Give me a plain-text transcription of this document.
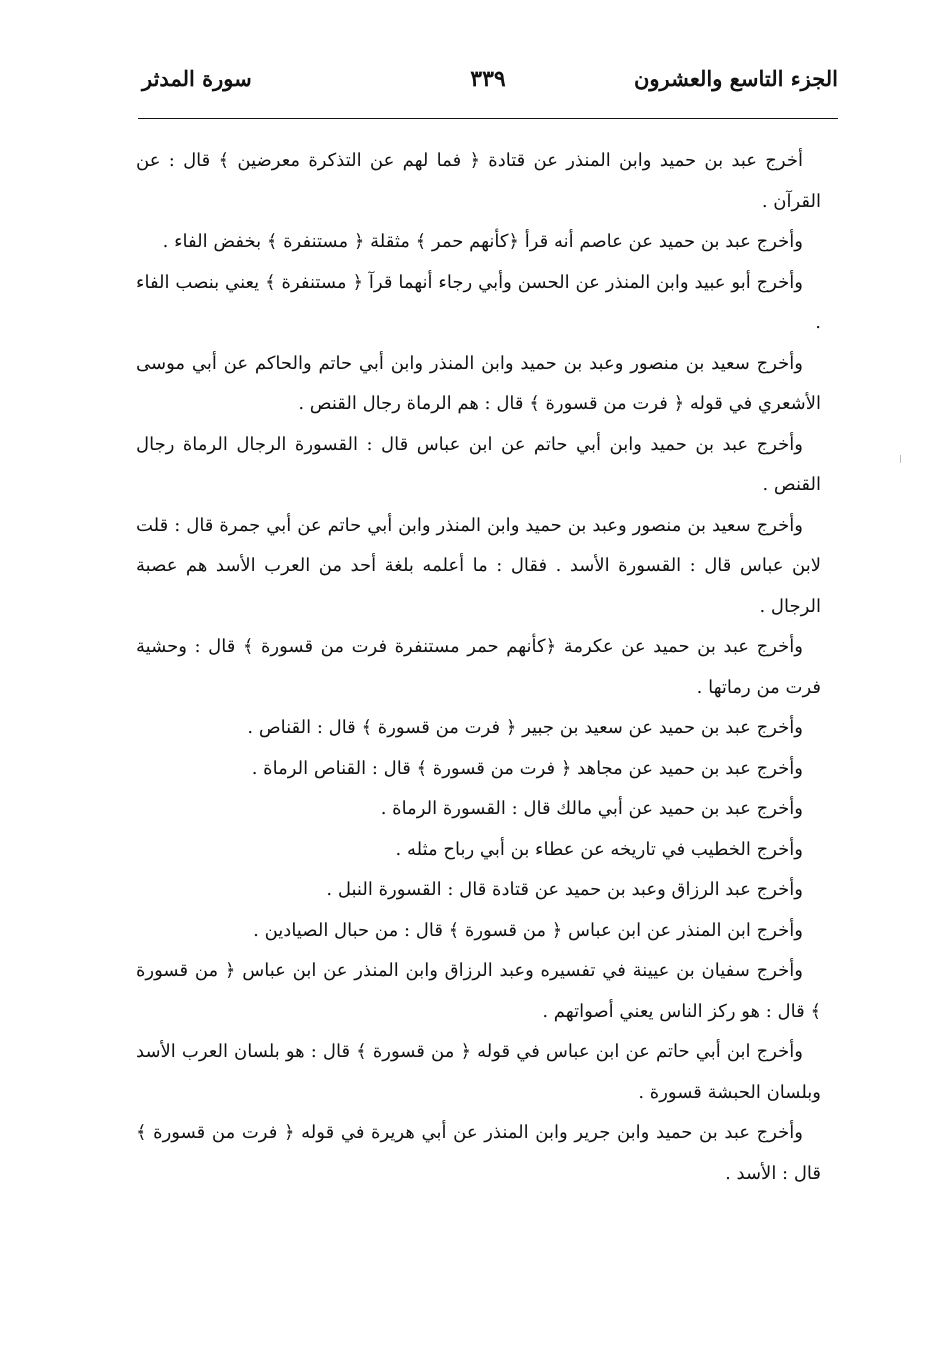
الجزء التاسع والعشرون
٣٣٩
سورة المدثر

أخرج عبد بن حميد وابن المنذر عن قتادة ﴿ فما لهم عن التذكرة معرضين ﴾ قال : عن القرآن .

وأخرج عبد بن حميد عن عاصم أنه قرأ ﴿كأنهم حمر ﴾ مثقلة ﴿ مستنفرة ﴾ بخفض الفاء .

وأخرج أبو عبيد وابن المنذر عن الحسن وأبي رجاء أنهما قرآ ﴿ مستنفرة ﴾ يعني بنصب الفاء .

وأخرج سعيد بن منصور وعبد بن حميد وابن المنذر وابن أبي حاتم والحاكم عن أبي موسى الأشعري في قوله ﴿ فرت من قسورة ﴾ قال : هم الرماة رجال القنص .

وأخرج عبد بن حميد وابن أبي حاتم عن ابن عباس قال : القسورة الرجال الرماة رجال القنص .

وأخرج سعيد بن منصور وعبد بن حميد وابن المنذر وابن أبي حاتم عن أبي جمرة قال : قلت لابن عباس قال : القسورة الأسد . فقال : ما أعلمه بلغة أحد من العرب الأسد هم عصبة الرجال .

وأخرج عبد بن حميد عن عكرمة ﴿كأنهم حمر مستنفرة فرت من قسورة ﴾ قال : وحشية فرت من رماتها .

وأخرج عبد بن حميد عن سعيد بن جبير ﴿ فرت من قسورة ﴾ قال : القناص .

وأخرج عبد بن حميد عن مجاهد ﴿ فرت من قسورة ﴾ قال : القناص الرماة .

وأخرج عبد بن حميد عن أبي مالك قال : القسورة الرماة .

وأخرج الخطيب في تاريخه عن عطاء بن أبي رباح مثله .

وأخرج عبد الرزاق وعبد بن حميد عن قتادة قال : القسورة النبل .

وأخرج ابن المنذر عن ابن عباس ﴿ من قسورة ﴾ قال : من حبال الصيادين .

وأخرج سفيان بن عيينة في تفسيره وعبد الرزاق وابن المنذر عن ابن عباس ﴿ من قسورة ﴾ قال : هو ركز الناس يعني أصواتهم .

وأخرج ابن أبي حاتم عن ابن عباس في قوله ﴿ من قسورة ﴾ قال : هو بلسان العرب الأسد وبلسان الحبشة قسورة .

وأخرج عبد بن حميد وابن جرير وابن المنذر عن أبي هريرة في قوله ﴿ فرت من قسورة ﴾ قال : الأسد .
